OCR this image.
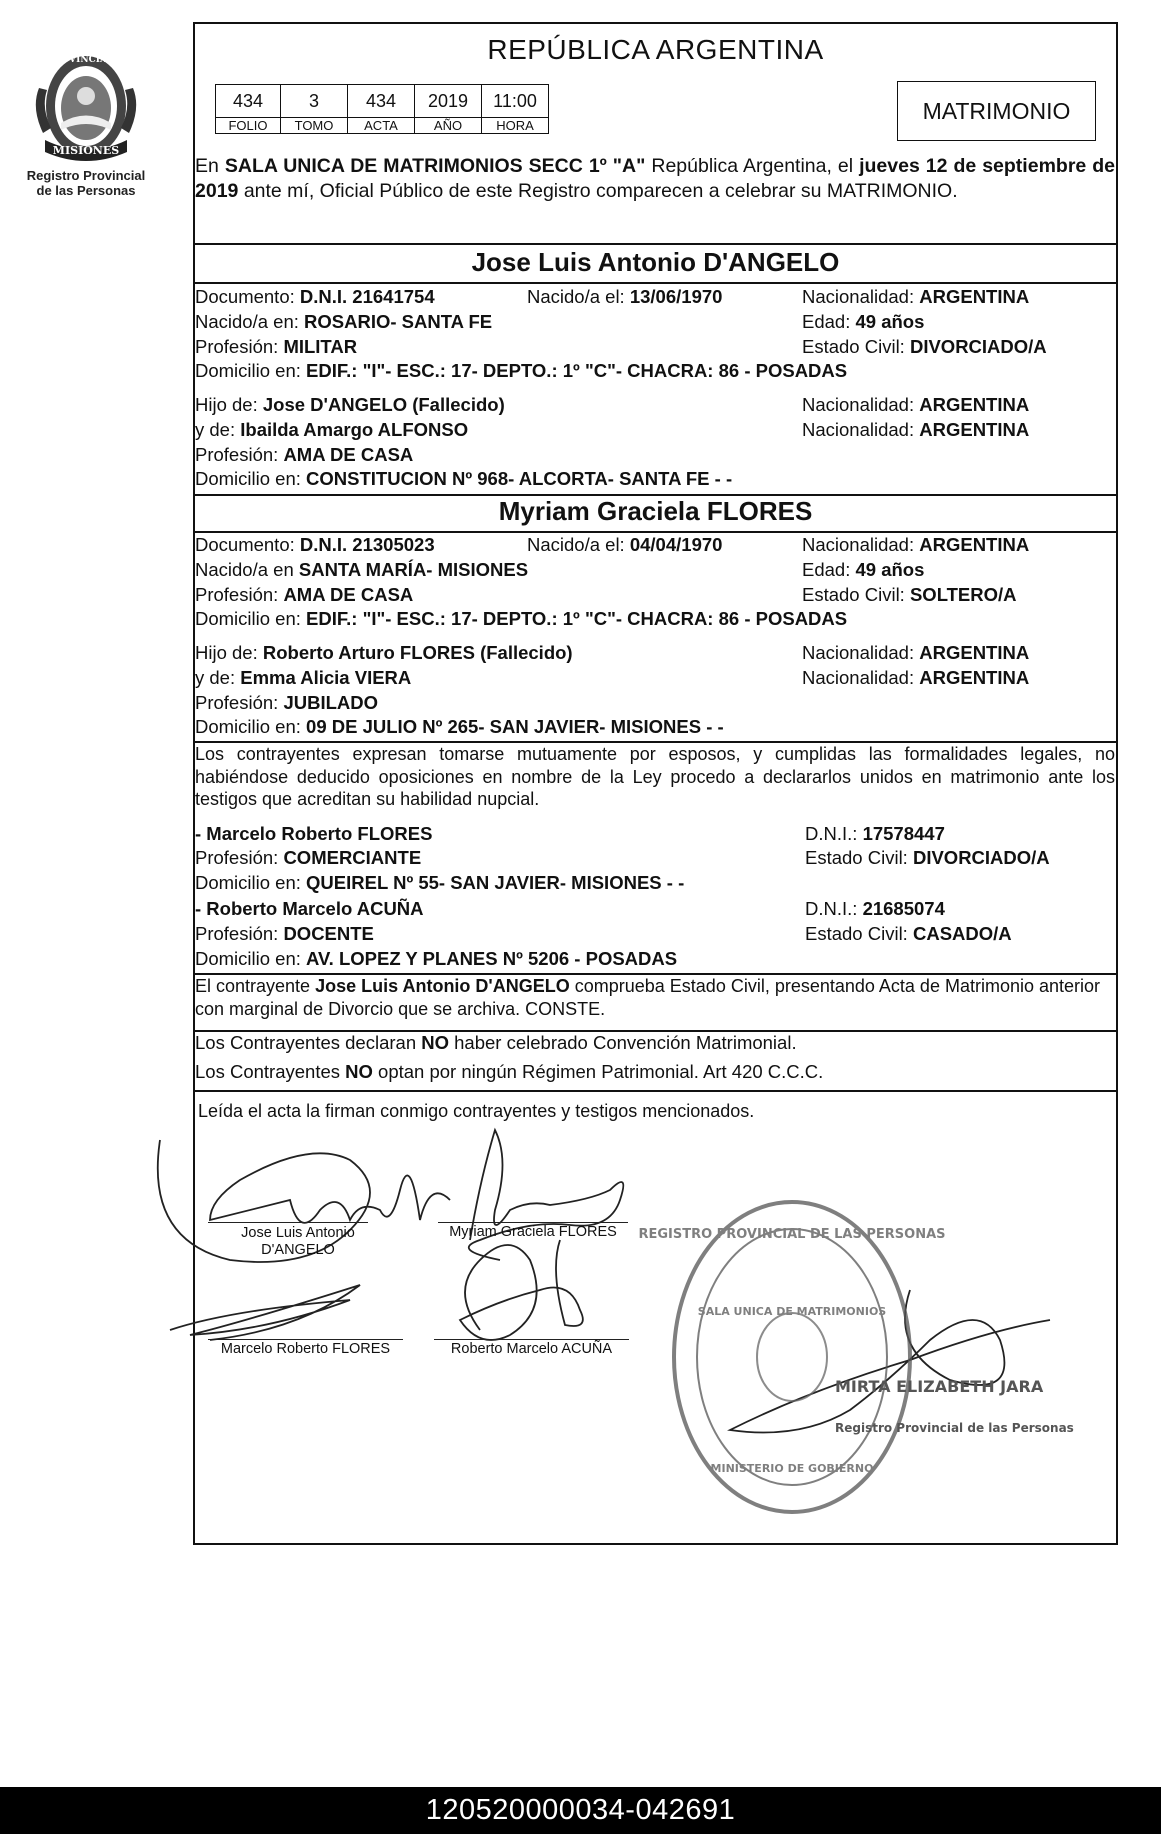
MISIONES
PROVINCIA DE
Registro Provincial
de las Personas
REPÚBLICA ARGENTINA
434	3	434	2019	11:00
FOLIO	TOMO	ACTA	AÑO	HORA
MATRIMONIO
En SALA UNICA DE MATRIMONIOS SECC 1º "A" República Argentina, el jueves 12 de septiembre de 2019 ante mí, Oficial Público de este Registro comparecen a celebrar su MATRIMONIO.
Jose Luis Antonio D'ANGELO
Documento: D.N.I. 21641754	Nacido/a el: 13/06/1970	Nacionalidad: ARGENTINA
Nacido/a en: ROSARIO- SANTA FE	Edad: 49 años
Profesión: MILITAR	Estado Civil: DIVORCIADO/A
Domicilio en: EDIF.: "I"- ESC.: 17- DEPTO.: 1º "C"- CHACRA: 86 - POSADAS
Hijo de: Jose D'ANGELO (Fallecido)	Nacionalidad: ARGENTINA
y de: Ibailda Amargo ALFONSO	Nacionalidad: ARGENTINA
Profesión: AMA DE CASA
Domicilio en: CONSTITUCION Nº 968- ALCORTA- SANTA FE - -
Myriam Graciela FLORES
Documento: D.N.I. 21305023	Nacido/a el: 04/04/1970	Nacionalidad: ARGENTINA
Nacido/a en SANTA MARÍA- MISIONES	Edad: 49 años
Profesión: AMA DE CASA	Estado Civil: SOLTERO/A
Domicilio en: EDIF.: "I"- ESC.: 17- DEPTO.: 1º "C"- CHACRA: 86 - POSADAS
Hijo de: Roberto Arturo FLORES (Fallecido)	Nacionalidad: ARGENTINA
y de: Emma Alicia VIERA	Nacionalidad: ARGENTINA
Profesión: JUBILADO
Domicilio en: 09 DE JULIO Nº 265- SAN JAVIER- MISIONES - -
Los contrayentes expresan tomarse mutuamente por esposos, y cumplidas las formalidades legales, no habiéndose deducido oposiciones en nombre de la Ley procedo a declararlos unidos en matrimonio ante los testigos que acreditan su habilidad nupcial.
- Marcelo Roberto FLORES	D.N.I.: 17578447
Profesión: COMERCIANTE	Estado Civil: DIVORCIADO/A
Domicilio en: QUEIREL Nº 55- SAN JAVIER- MISIONES - -
- Roberto Marcelo ACUÑA	D.N.I.: 21685074
Profesión: DOCENTE	Estado Civil: CASADO/A
Domicilio en: AV. LOPEZ Y PLANES Nº 5206 - POSADAS
El contrayente Jose Luis Antonio D'ANGELO comprueba Estado Civil, presentando Acta de Matrimonio anterior con marginal de Divorcio que se archiva. CONSTE.
Los Contrayentes declaran NO haber celebrado Convención Matrimonial.
Los Contrayentes NO optan por ningún Régimen Patrimonial. Art 420 C.C.C.
Leída el acta la firman conmigo contrayentes y testigos mencionados.
REGISTRO PROVINCIAL DE LAS PERSONAS
SALA UNICA DE MATRIMONIOS
MINISTERIO DE GOBIERNO
MIRTA ELIZABETH JARA
Registro Provincial de las Personas
Jose Luis Antonio
D'ANGELO
Myriam Graciela FLORES
Marcelo Roberto FLORES	Roberto Marcelo ACUÑA
120520000034-042691
